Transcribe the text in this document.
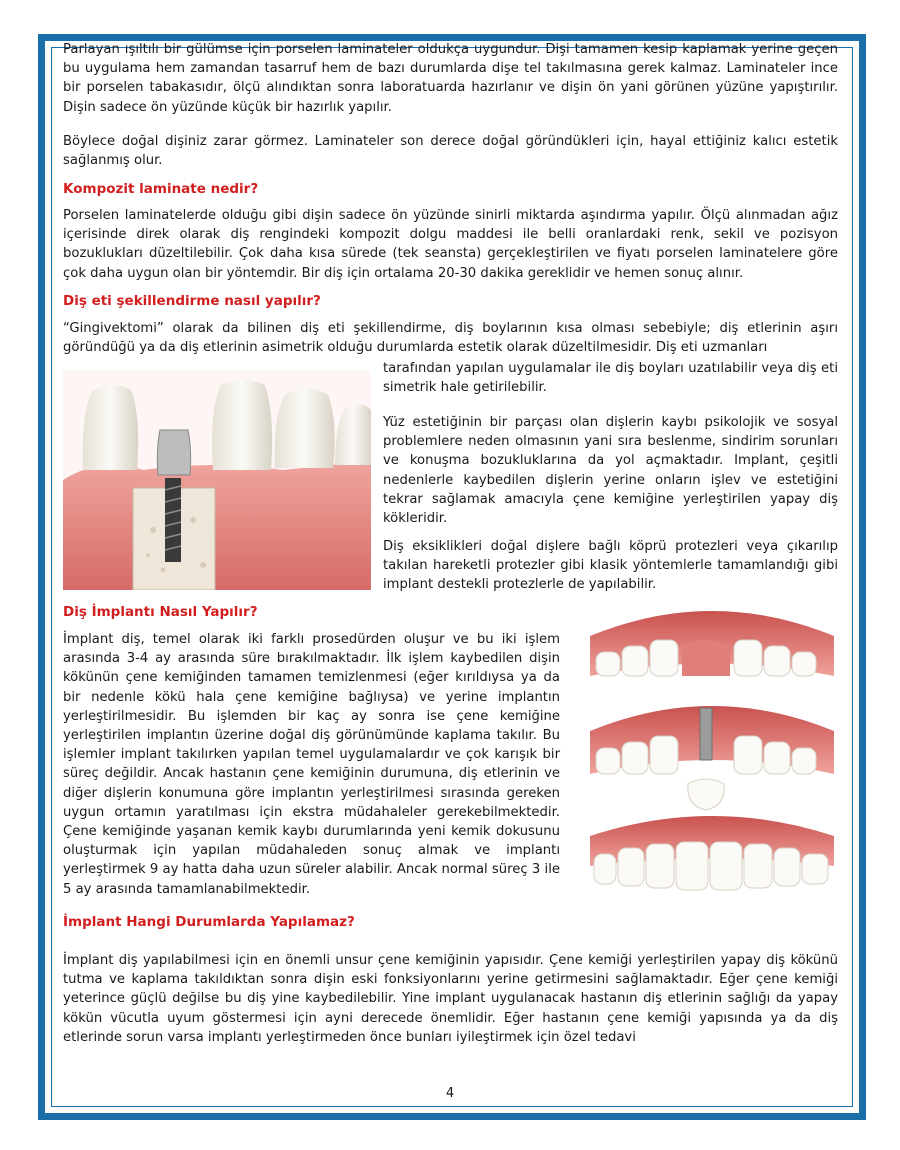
Parlayan ışıltılı bir gülümse için porselen laminateler oldukça uygundur. Dişi tamamen kesip kaplamak yerine geçen bu uygulama hem zamandan tasarruf hem de bazı durumlarda dişe tel takılmasına gerek kalmaz. Laminateler ince bir porselen tabakasıdır, ölçü alındıktan sonra laboratuarda hazırlanır ve dişin ön yani görünen yüzüne yapıştırılır. Dişin sadece ön yüzünde küçük bir hazırlık yapılır.

Böylece doğal dişiniz zarar görmez. Laminateler son derece doğal göründükleri için, hayal ettiğiniz kalıcı estetik sağlanmış olur.

Kompozit laminate nedir?

Porselen laminatelerde olduğu gibi dişin sadece ön yüzünde sinirli miktarda aşındırma yapılır. Ölçü alınmadan ağız içerisinde direk olarak diş rengindeki kompozit dolgu maddesi ile belli oranlardaki renk, sekil ve pozisyon bozuklukları düzeltilebilir. Çok daha kısa sürede (tek seansta) gerçekleştirilen ve fiyatı porselen laminatelere göre çok daha uygun olan bir yöntemdir. Bir diş için ortalama 20-30 dakika gereklidir ve hemen sonuç alınır.

Diş eti şekillendirme nasıl yapılır?

“Gingivektomi” olarak da bilinen diş eti şekillendirme, diş boylarının kısa olması sebebiyle; diş etlerinin aşırı göründüğü ya da diş etlerinin asimetrik olduğu durumlarda estetik olarak düzeltilmesidir. Diş eti uzmanları

tarafından yapılan uygulamalar ile diş boyları uzatılabilir veya diş eti simetrik hale getirilebilir.

Yüz estetiğinin bir parçası olan dişlerin kaybı psikolojik ve sosyal problemlere neden olmasının yani sıra beslenme, sindirim sorunları ve konuşma bozukluklarına da yol açmaktadır. Implant, çeşitli nedenlerle kaybedilen dişlerin yerine onların işlev ve estetiğini tekrar sağlamak amacıyla çene kemiğine yerleştirilen yapay diş kökleridir.

Diş eksiklikleri doğal dişlere bağlı köprü protezleri veya çıkarılıp takılan hareketli protezler gibi klasik yöntemlerle tamamlandığı gibi implant destekli protezlerle de yapılabilir.

Diş İmplantı Nasıl Yapılır?

İmplant diş, temel olarak iki farklı prosedürden oluşur ve bu iki işlem arasında 3-4 ay arasında süre bırakılmaktadır. İlk işlem kaybedilen dişin kökünün çene kemiğinden tamamen temizlenmesi (eğer kırıldıysa ya da bir nedenle kökü hala çene kemiğine bağlıysa) ve yerine implantın yerleştirilmesidir. Bu işlemden bir kaç ay sonra ise çene kemiğine yerleştirilen implantın üzerine doğal diş görünümünde kaplama takılır. Bu işlemler implant takılırken yapılan temel uygulamalardır ve çok karışık bir süreç değildir. Ancak hastanın çene kemiğinin durumuna, diş etlerinin ve diğer dişlerin konumuna göre implantın yerleştirilmesi sırasında gereken uygun ortamın yaratılması için ekstra müdahaleler gerekebilmektedir. Çene kemiğinde yaşanan kemik kaybı durumlarında yeni kemik dokusunu oluşturmak için yapılan müdahaleden sonuç almak ve implantı yerleştirmek 9 ay hatta daha uzun süreler alabilir. Ancak normal süreç 3 ile 5 ay arasında tamamlanabilmektedir.

İmplant Hangi Durumlarda Yapılamaz?

İmplant diş yapılabilmesi için en önemli unsur çene kemiğinin yapısıdır. Çene kemiği yerleştirilen yapay diş kökünü tutma ve kaplama takıldıktan sonra dişin eski fonksiyonlarını yerine getirmesini sağlamaktadır. Eğer çene kemiği yeterince güçlü değilse bu diş yine kaybedilebilir. Yine implant uygulanacak hastanın diş etlerinin sağlığı da yapay kökün vücutla uyum göstermesi için ayni derecede önemlidir. Eğer hastanın çene kemiği yapısında ya da diş etlerinde sorun varsa implantı yerleştirmeden önce bunları iyileştirmek için özel tedavi

4
